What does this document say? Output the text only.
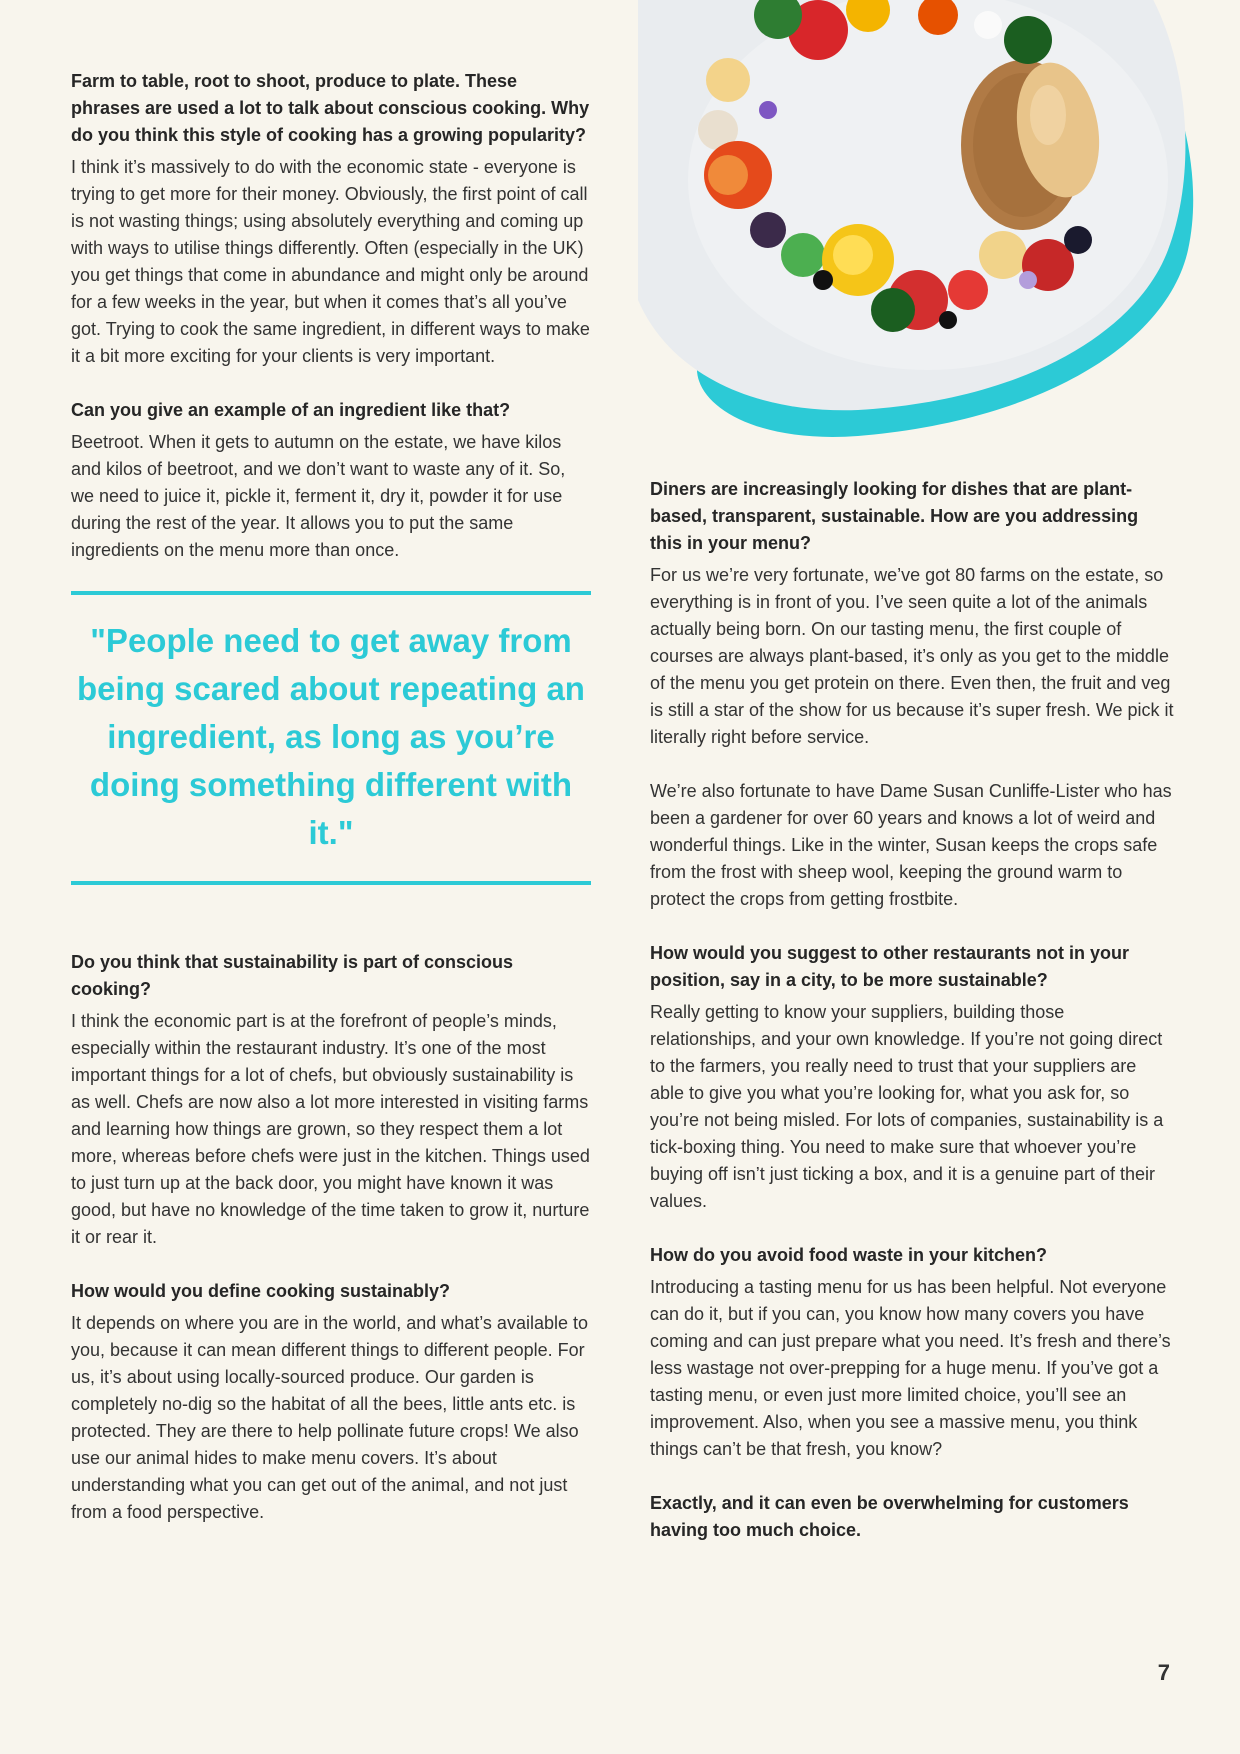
Farm to table, root to shoot, produce to plate. These phrases are used a lot to talk about conscious cooking. Why do you think this style of cooking has a growing popularity?

I think it’s massively to do with the economic state - everyone is trying to get more for their money. Obviously, the first point of call is not wasting things; using absolutely everything and coming up with ways to utilise things differently. Often (especially in the UK) you get things that come in abundance and might only be around for a few weeks in the year, but when it comes that’s all you’ve got. Trying to cook the same ingredient, in different ways to make it a bit more exciting for your clients is very important.

Can you give an example of an ingredient like that?

Beetroot. When it gets to autumn on the estate, we have kilos and kilos of beetroot, and we don’t want to waste any of it. So, we need to juice it, pickle it, ferment it, dry it, powder it for use during the rest of the year. It allows you to put the same ingredients on the menu more than once.

"People need to get away from being scared about repeating an ingredient, as long as you’re doing something different with it."

Do you think that sustainability is part of conscious cooking?

I think the economic part is at the forefront of people’s minds, especially within the restaurant industry. It’s one of the most important things for a lot of chefs, but obviously sustainability is as well. Chefs are now also a lot more interested in visiting farms and learning how things are grown, so they respect them a lot more, whereas before chefs were just in the kitchen. Things used to just turn up at the back door, you might have known it was good, but have no knowledge of the time taken to grow it, nurture it or rear it.

How would you define cooking sustainably?

It depends on where you are in the world, and what’s available to you, because it can mean different things to different people. For us, it’s about using locally-sourced produce. Our garden is completely no-dig so the habitat of all the bees, little ants etc. is protected. They are there to help pollinate future crops! We also use our animal hides to make menu covers. It’s about understanding what you can get out of the animal, and not just from a food perspective.

Diners are increasingly looking for dishes that are plant-based, transparent, sustainable. How are you addressing this in your menu?

For us we’re very fortunate, we’ve got 80 farms on the estate, so everything is in front of you. I’ve seen quite a lot of the animals actually being born. On our tasting menu, the first couple of courses are always plant-based, it’s only as you get to the middle of the menu you get protein on there. Even then, the fruit and veg is still a star of the show for us because it’s super fresh. We pick it literally right before service.

We’re also fortunate to have Dame Susan Cunliffe-Lister who has been a gardener for over 60 years and knows a lot of weird and wonderful things. Like in the winter, Susan keeps the crops safe from the frost with sheep wool, keeping the ground warm to protect the crops from getting frostbite.

How would you suggest to other restaurants not in your position, say in a city, to be more sustainable?

Really getting to know your suppliers, building those relationships, and your own knowledge. If you’re not going direct to the farmers, you really need to trust that your suppliers are able to give you what you’re looking for, what you ask for, so you’re not being misled. For lots of companies, sustainability is a tick-boxing thing. You need to make sure that whoever you’re buying off isn’t just ticking a box, and it is a genuine part of their values.

How do you avoid food waste in your kitchen?

Introducing a tasting menu for us has been helpful. Not everyone can do it, but if you can, you know how many covers you have coming and can just prepare what you need. It’s fresh and there’s less wastage not over-prepping for a huge menu. If you’ve got a tasting menu, or even just more limited choice, you’ll see an improvement. Also, when you see a massive menu, you think things can’t be that fresh, you know?

Exactly, and it can even be overwhelming for customers having too much choice.

7
